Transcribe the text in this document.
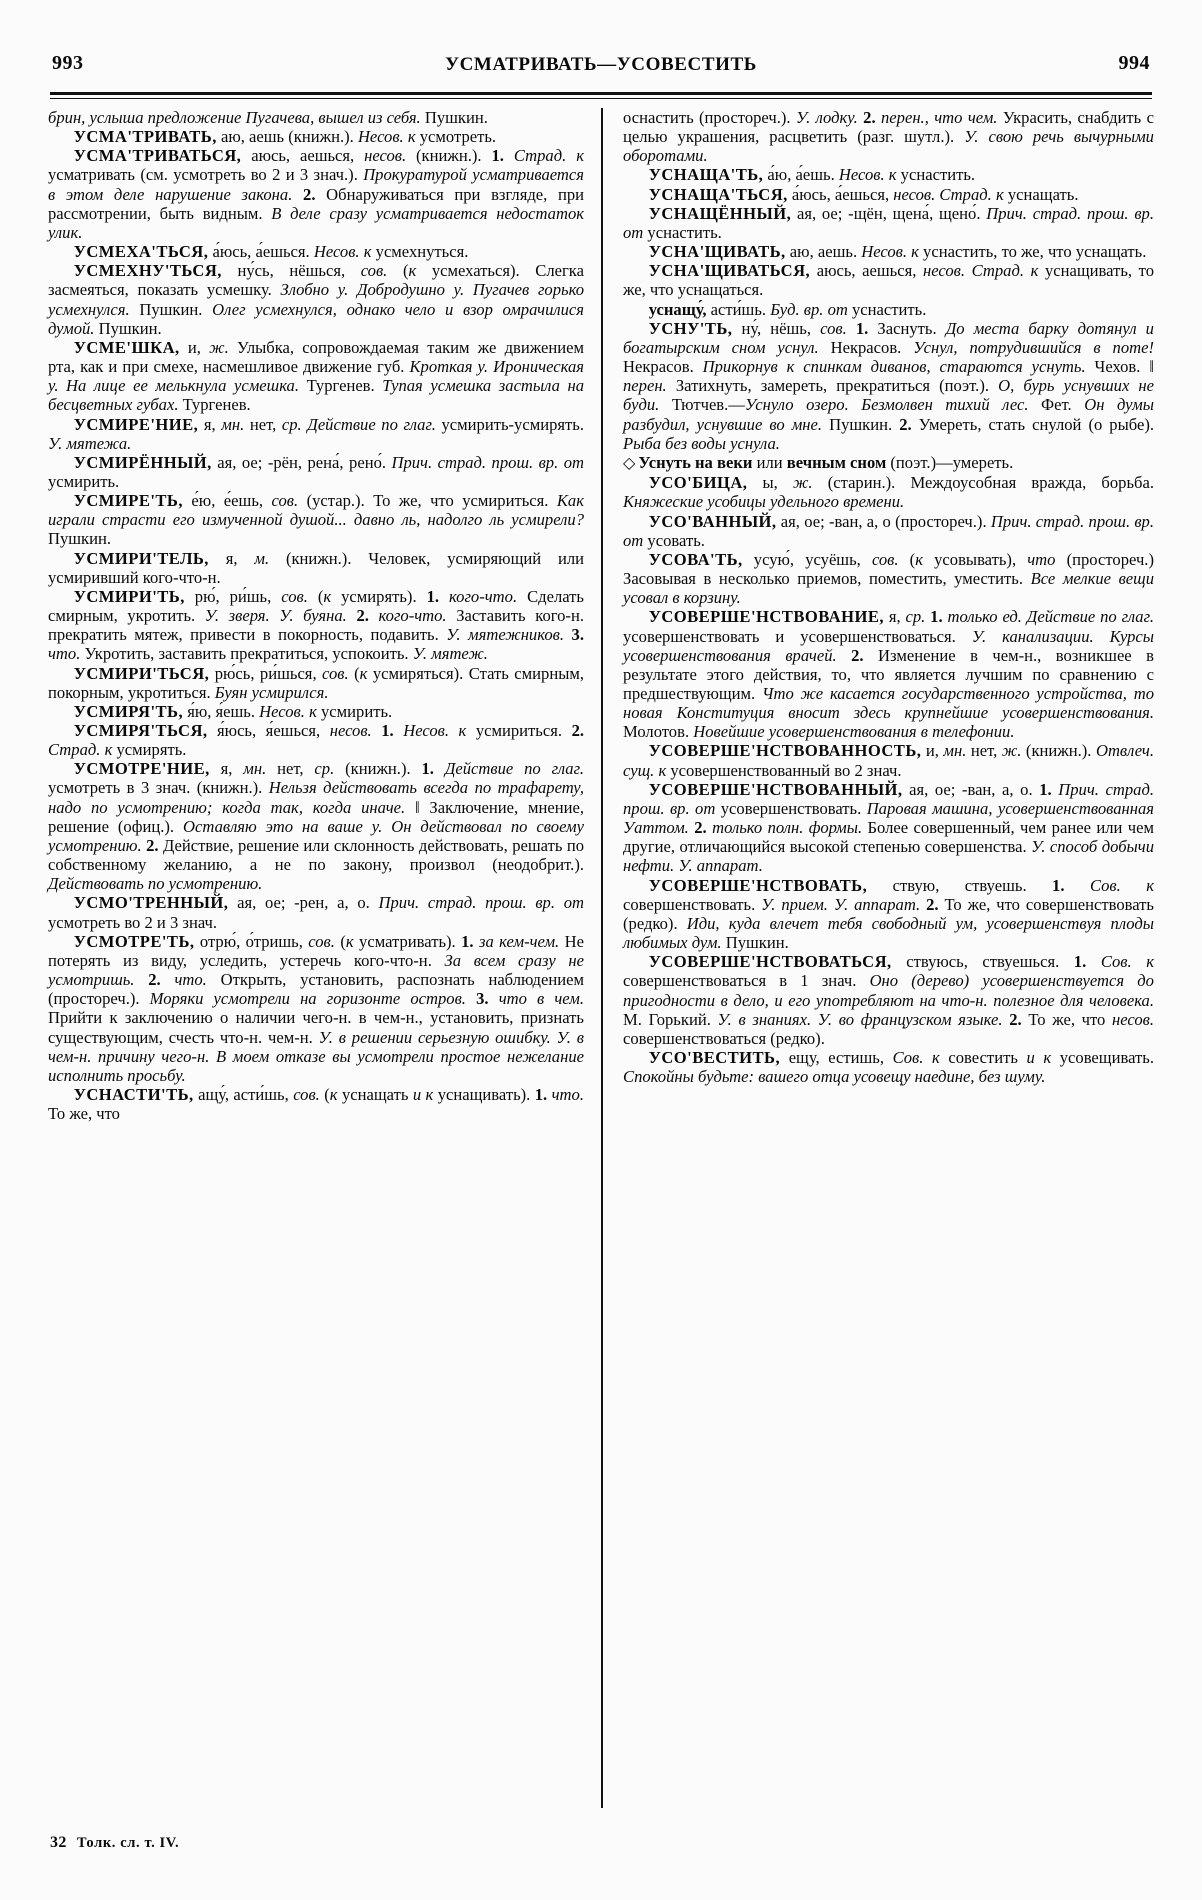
993	УСМАТРИВАТЬ—УСОВЕСТИТЬ	994

брин, услыша предложение Пугачева, вышел из себя. Пушкин.

УСМА'ТРИВАТЬ, аю, аешь (книжн.). Несов. к усмотреть.

УСМА'ТРИВАТЬСЯ, аюсь, аешься, несов. (книжн.). 1. Страд. к усматривать (см. усмотреть во 2 и 3 знач.). Прокуратурой усматривается в этом деле нарушение закона. 2. Обнаруживаться при взгляде, при рассмотрении, быть видным. В деле сразу усматривается недостаток улик.

УСМЕХА'ТЬСЯ, а́юсь, а́ешься. Несов. к усмехнуться.

УСМЕХНУ'ТЬСЯ, ну́сь, нёшься, сов. (к усмехаться). Слегка засмеяться, показать усмешку. Злобно у. Добродушно у. Пугачев горько усмехнулся. Пушкин. Олег усмехнулся, однако чело и взор омрачилися думой. Пушкин.

УСМЕ'ШКА, и, ж. Улыбка, сопровождаемая таким же движением рта, как и при смехе, насмешливое движение губ. Кроткая у. Ироническая у. На лице ее мелькнула усмешка. Тургенев. Тупая усмешка застыла на бесцветных губах. Тургенев.

УСМИРЕ'НИЕ, я, мн. нет, ср. Действие по глаг. усмирить-усмирять. У. мятежа.

УСМИРЁННЫЙ, ая, ое; -рён, рена́, рено́. Прич. страд. прош. вр. от усмирить.

УСМИРЕ'ТЬ, е́ю, е́ешь, сов. (устар.). То же, что усмириться. Как играли страсти его измученной душой... давно ль, надолго ль усмирели? Пушкин.

УСМИРИ'ТЕЛЬ, я, м. (книжн.). Человек, усмиряющий или усмиривший кого-что-н.

УСМИРИ'ТЬ, рю́, ри́шь, сов. (к усмирять). 1. кого-что. Сделать смирным, укротить. У. зверя. У. буяна. 2. кого-что. Заставить кого-н. прекратить мятеж, привести в покорность, подавить. У. мятежников. 3. что. Укротить, заставить прекратиться, успокоить. У. мятеж.

УСМИРИ'ТЬСЯ, рю́сь, ри́шься, сов. (к усмиряться). Стать смирным, покорным, укротиться. Буян усмирился.

УСМИРЯ'ТЬ, я́ю, я́ешь. Несов. к усмирить.

УСМИРЯ'ТЬСЯ, я́юсь, я́ешься, несов. 1. Несов. к усмириться. 2. Страд. к усмирять.

УСМОТРЕ'НИЕ, я, мн. нет, ср. (книжн.). 1. Действие по глаг. усмотреть в 3 знач. (книжн.). Нельзя действовать всегда по трафарету, надо по усмотрению; когда так, когда иначе. ‖ Заключение, мнение, решение (офиц.). Оставляю это на ваше у. Он действовал по своему усмотрению. 2. Действие, решение или склонность действовать, решать по собственному желанию, а не по закону, произвол (неодобрит.). Действовать по усмотрению.

УСМО'ТРЕННЫЙ, ая, ое; -рен, а, о. Прич. страд. прош. вр. от усмотреть во 2 и 3 знач.

УСМОТРЕ'ТЬ, отрю́, о́тришь, сов. (к усматривать). 1. за кем-чем. Не потерять из виду, уследить, устеречь кого-что-н. За всем сразу не усмотришь. 2. что. Открыть, установить, распознать наблюдением (простореч.). Моряки усмотрели на горизонте остров. 3. что в чем. Прийти к заключению о наличии чего-н. в чем-н., установить, признать существующим, счесть что-н. чем-н. У. в решении серьезную ошибку. У. в чем-н. причину чего-н. В моем отказе вы усмотрели простое нежелание исполнить просьбу.

УСНАСТИ'ТЬ, ащу́, асти́шь, сов. (к уснащать и к уснащивать). 1. что. То же, что

оснастить (простореч.). У. лодку. 2. перен., что чем. Украсить, снабдить с целью украшения, расцветить (разг. шутл.). У. свою речь вычурными оборотами.

УСНАЩА'ТЬ, а́ю, а́ешь. Несов. к уснастить.

УСНАЩА'ТЬСЯ, а́юсь, а́ешься, несов. Страд. к уснащать.

УСНАЩЁННЫЙ, ая, ое; -щён, щена́, щено́. Прич. страд. прош. вр. от уснастить.

УСНА'ЩИВАТЬ, аю, аешь. Несов. к уснастить, то же, что уснащать.

УСНА'ЩИВАТЬСЯ, аюсь, аешься, несов. Страд. к уснащивать, то же, что уснащаться.

уснащу́, асти́шь. Буд. вр. от уснастить.

УСНУ'ТЬ, ну́, нёшь, сов. 1. Заснуть. До места барку дотянул и богатырским сном уснул. Некрасов. Уснул, потрудившийся в поте! Некрасов. Прикорнув к спинкам диванов, стараются уснуть. Чехов. ‖ перен. Затихнуть, замереть, прекратиться (поэт.). О, бурь уснувших не буди. Тютчев.—Уснуло озеро. Безмолвен тихий лес. Фет. Он думы разбудил, уснувшие во мне. Пушкин. 2. Умереть, стать снулой (о рыбе). Рыба без воды уснула.

◇ Уснуть на веки или вечным сном (поэт.)—умереть.

УСО'БИЦА, ы, ж. (старин.). Междоусобная вражда, борьба. Княжеские усобицы удельного времени.

УСО'ВАННЫЙ, ая, ое; -ван, а, о (простореч.). Прич. страд. прош. вр. от усовать.

УСОВА'ТЬ, усую́, усуёшь, сов. (к усовывать), что (простореч.) Засовывая в несколько приемов, поместить, уместить. Все мелкие вещи усовал в корзину.

УСОВЕРШЕ'НСТВОВАНИЕ, я, ср. 1. только ед. Действие по глаг. усовершенствовать и усовершенствоваться. У. канализации. Курсы усовершенствования врачей. 2. Изменение в чем-н., возникшее в результате этого действия, то, что является лучшим по сравнению с предшествующим. Что же касается государственного устройства, то новая Конституция вносит здесь крупнейшие усовершенствования. Молотов. Новейшие усовершенствования в телефонии.

УСОВЕРШЕ'НСТВОВАННОСТЬ, и, мн. нет, ж. (книжн.). Отвлеч. сущ. к усовершенствованный во 2 знач.

УСОВЕРШЕ'НСТВОВАННЫЙ, ая, ое; -ван, а, о. 1. Прич. страд. прош. вр. от усовершенствовать. Паровая машина, усовершенствованная Уаттом. 2. только полн. формы. Более совершенный, чем ранее или чем другие, отличающийся высокой степенью совершенства. У. способ добычи нефти. У. аппарат.

УСОВЕРШЕ'НСТВОВАТЬ, ствую, ствуешь. 1. Сов. к совершенствовать. У. прием. У. аппарат. 2. То же, что совершенствовать (редко). Иди, куда влечет тебя свободный ум, усовершенствуя плоды любимых дум. Пушкин.

УСОВЕРШЕ'НСТВОВАТЬСЯ, ствуюсь, ствуешься. 1. Сов. к совершенствоваться в 1 знач. Оно (дерево) усовершенствуется до пригодности в дело, и его употребляют на что-н. полезное для человека. М. Горький. У. в знаниях. У. во французском языке. 2. То же, что несов. совершенствоваться (редко).

УСО'ВЕСТИТЬ, ещу, естишь, Сов. к совестить и к усовещивать. Спокойны будьте: вашего отца усовещу наедине, без шуму.

32 Толк. сл. т. IV.
